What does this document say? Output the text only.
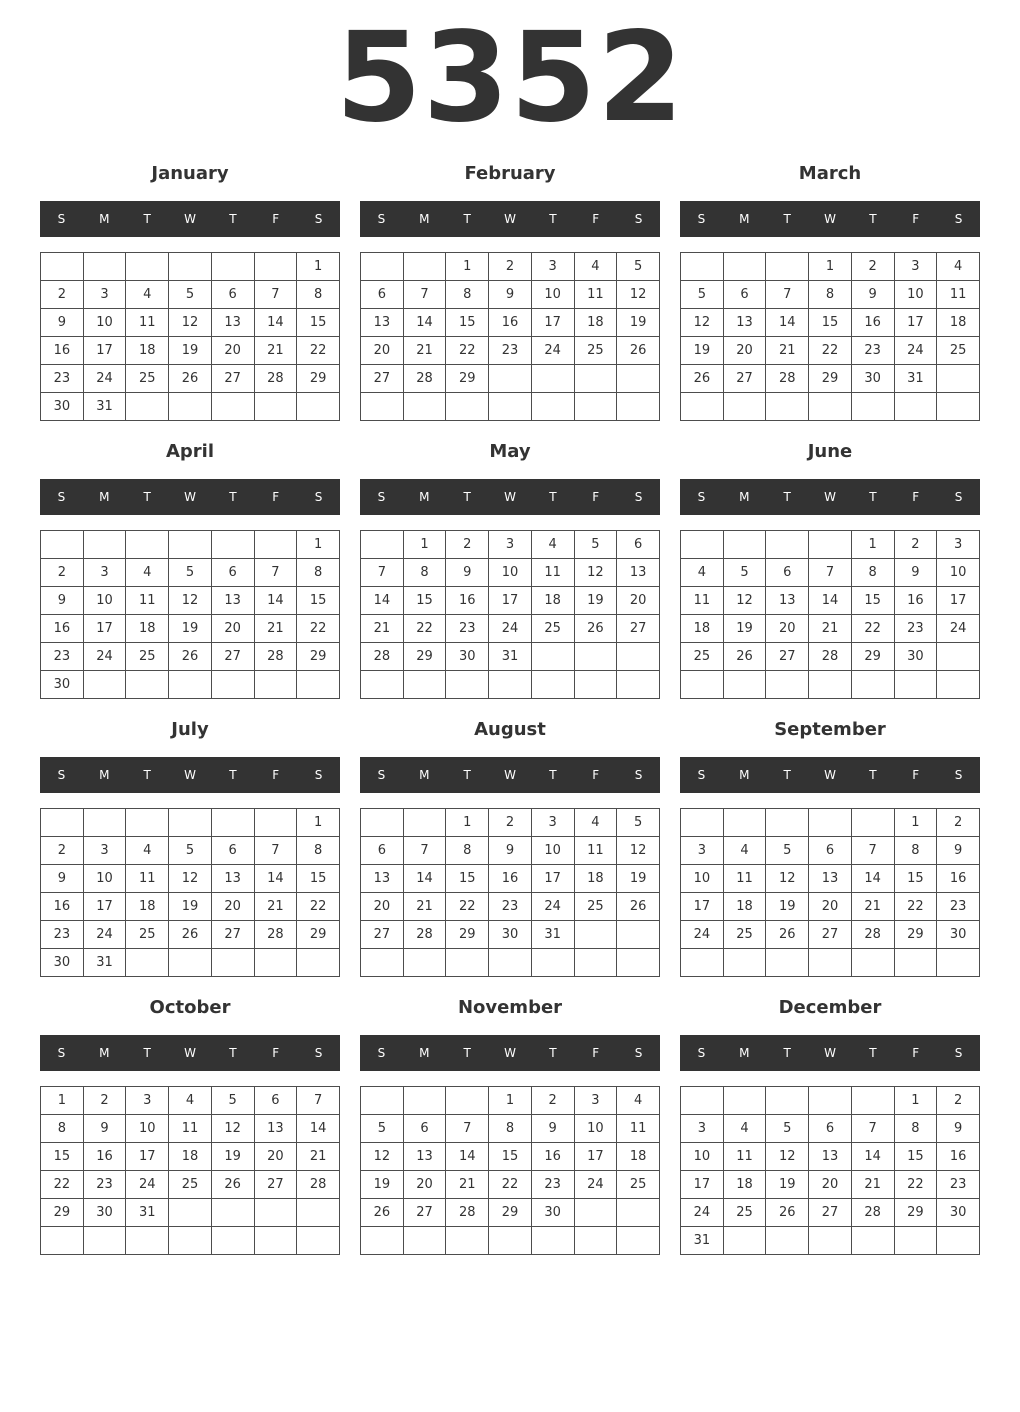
5352
January
S	M	T	W	T	F	S
						1
2	3	4	5	6	7	8
9	10	11	12	13	14	15
16	17	18	19	20	21	22
23	24	25	26	27	28	29
30	31					
February
S	M	T	W	T	F	S
		1	2	3	4	5
6	7	8	9	10	11	12
13	14	15	16	17	18	19
20	21	22	23	24	25	26
27	28	29				

March
S	M	T	W	T	F	S
			1	2	3	4
5	6	7	8	9	10	11
12	13	14	15	16	17	18
19	20	21	22	23	24	25
26	27	28	29	30	31	

April
S	M	T	W	T	F	S
						1
2	3	4	5	6	7	8
9	10	11	12	13	14	15
16	17	18	19	20	21	22
23	24	25	26	27	28	29
30						
May
S	M	T	W	T	F	S
	1	2	3	4	5	6
7	8	9	10	11	12	13
14	15	16	17	18	19	20
21	22	23	24	25	26	27
28	29	30	31			

June
S	M	T	W	T	F	S
				1	2	3
4	5	6	7	8	9	10
11	12	13	14	15	16	17
18	19	20	21	22	23	24
25	26	27	28	29	30	

July
S	M	T	W	T	F	S
						1
2	3	4	5	6	7	8
9	10	11	12	13	14	15
16	17	18	19	20	21	22
23	24	25	26	27	28	29
30	31					
August
S	M	T	W	T	F	S
		1	2	3	4	5
6	7	8	9	10	11	12
13	14	15	16	17	18	19
20	21	22	23	24	25	26
27	28	29	30	31		

September
S	M	T	W	T	F	S
					1	2
3	4	5	6	7	8	9
10	11	12	13	14	15	16
17	18	19	20	21	22	23
24	25	26	27	28	29	30

October
S	M	T	W	T	F	S
1	2	3	4	5	6	7
8	9	10	11	12	13	14
15	16	17	18	19	20	21
22	23	24	25	26	27	28
29	30	31				

November
S	M	T	W	T	F	S
			1	2	3	4
5	6	7	8	9	10	11
12	13	14	15	16	17	18
19	20	21	22	23	24	25
26	27	28	29	30		

December
S	M	T	W	T	F	S
					1	2
3	4	5	6	7	8	9
10	11	12	13	14	15	16
17	18	19	20	21	22	23
24	25	26	27	28	29	30
31						
